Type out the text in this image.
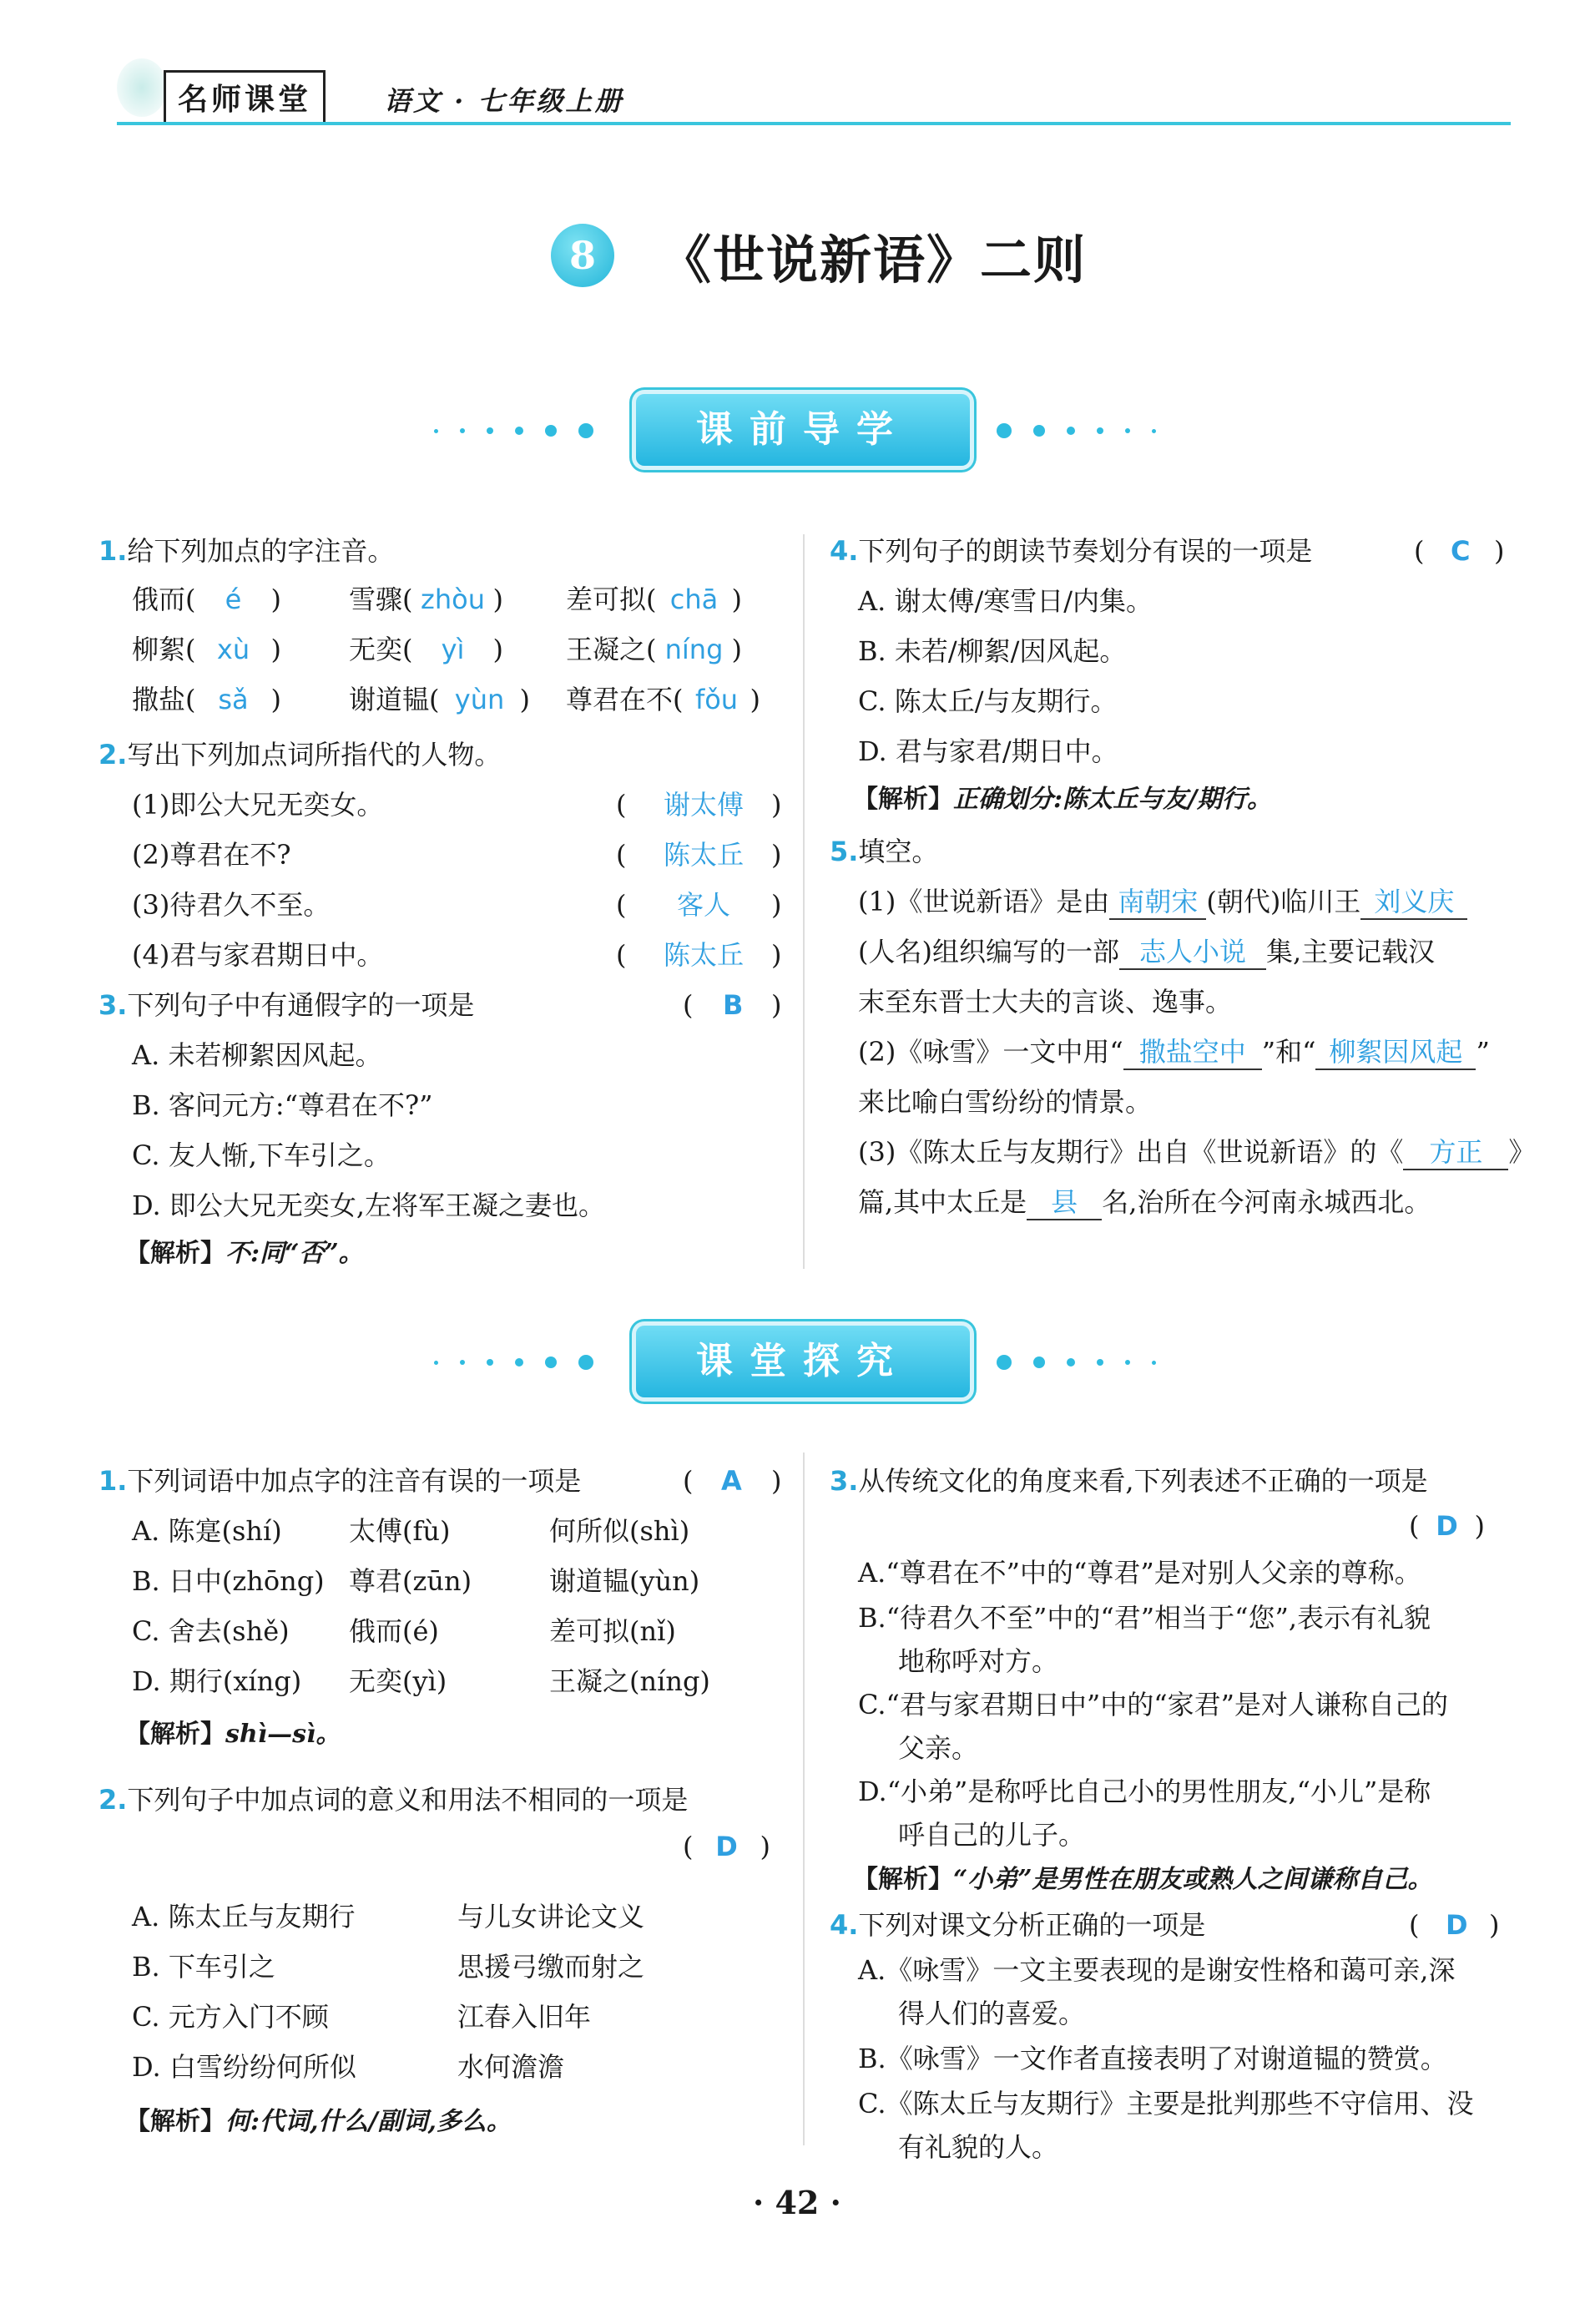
名师课堂	语文 · 七年级上册
8	《世说新语》二则
课前导学
1.给下列加点的字注音。
俄而( é )	雪骤( zhòu ) 差可拟( chā )
柳絮( xù )	无奕( yì ) 王凝之( níng )
撒盐( sǎ )	谢道韫( yùn ) 尊君在不( fǒu )
2.写出下列加点词所指代的人物。
(1)即公大兄无奕女。	(	谢太傅	)
(2)尊君在不?	(	陈太丘	)
(3)待君久不至。	(	客人	)
(4)君与家君期日中。	(	陈太丘	)
3.下列句子中有通假字的一项是	( B )
A. 未若柳絮因风起。
B. 客问元方:“尊君在不?”
C. 友人惭,下车引之。
D. 即公大兄无奕女,左将军王凝之妻也。
【解析】不:同“否”。
4.下列句子的朗读节奏划分有误的一项是	( C )
A. 谢太傅/寒雪日/内集。
B. 未若/柳絮/因风起。
C. 陈太丘/与友期行。
D. 君与家君/期日中。
【解析】正确划分:陈太丘与友/期行。
5.填空。
(1)《世说新语》是由 南朝宋 (朝代)临川王 刘义庆
(人名)组织编写的一部 志人小说 集,主要记载汉
末至东晋士大夫的言谈、逸事。
(2)《咏雪》一文中用“ 撒盐空中 ”和“ 柳絮因风起 ”
来比喻白雪纷纷的情景。
(3)《陈太丘与友期行》出自《世说新语》的《 方正 》
篇,其中太丘是 县 名,治所在今河南永城西北。
课堂探究
1.下列词语中加点字的注音有误的一项是	( A )
A. 陈寔(shí)	太傅(fù)	何所似(shì)
B. 日中(zhōng) 尊君(zūn)	谢道韫(yùn)
C. 舍去(shě) 俄而(é)	差可拟(nǐ)
D. 期行(xíng) 无奕(yì)	王凝之(níng)
【解析】shì—sì。
2.下列句子中加点词的意义和用法不相同的一项是
( D )
A. 陈太丘与友期行	与儿女讲论文义
B. 下车引之	思援弓缴而射之
C. 元方入门不顾	江春入旧年
D. 白雪纷纷何所似	水何澹澹
【解析】何:代词,什么/副词,多么。
3.从传统文化的角度来看,下列表述不正确的一项是
( D )
A.“尊君在不”中的“尊君”是对别人父亲的尊称。
B.“待君久不至”中的“君”相当于“您”,表示有礼貌
地称呼对方。
C.“君与家君期日中”中的“家君”是对人谦称自己的
父亲。
D.“小弟”是称呼比自己小的男性朋友,“小儿”是称
呼自己的儿子。
【解析】“小弟”是男性在朋友或熟人之间谦称自己。
4.下列对课文分析正确的一项是	( D )
A.《咏雪》一文主要表现的是谢安性格和蔼可亲,深
得人们的喜爱。
B.《咏雪》一文作者直接表明了对谢道韫的赞赏。
C.《陈太丘与友期行》主要是批判那些不守信用、没
有礼貌的人。
· 42 ·
